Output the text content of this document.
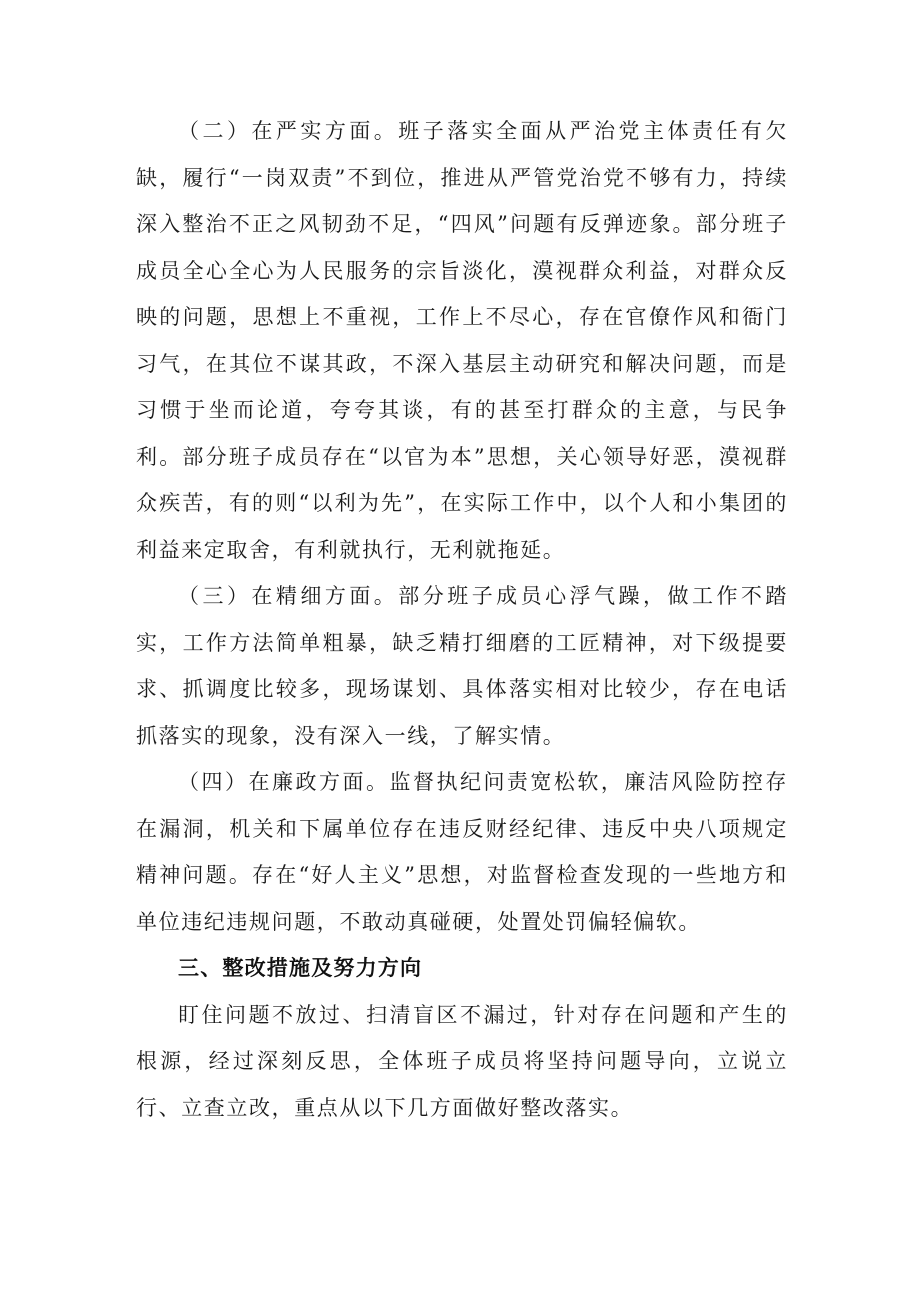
（二）在严实方面。班子落实全面从严治党主体责任有欠缺，履行“一岗双责”不到位，推进从严管党治党不够有力，持续深入整治不正之风韧劲不足，“四风”问题有反弹迹象。部分班子成员全心全心为人民服务的宗旨淡化，漠视群众利益，对群众反映的问题，思想上不重视，工作上不尽心，存在官僚作风和衙门习气，在其位不谋其政，不深入基层主动研究和解决问题，而是习惯于坐而论道，夸夸其谈，有的甚至打群众的主意，与民争利。部分班子成员存在“以官为本”思想，关心领导好恶，漠视群众疾苦，有的则“以利为先”，在实际工作中，以个人和小集团的利益来定取舍，有利就执行，无利就拖延。

（三）在精细方面。部分班子成员心浮气躁，做工作不踏实，工作方法简单粗暴，缺乏精打细磨的工匠精神，对下级提要求、抓调度比较多，现场谋划、具体落实相对比较少，存在电话抓落实的现象，没有深入一线，了解实情。

（四）在廉政方面。监督执纪问责宽松软，廉洁风险防控存在漏洞，机关和下属单位存在违反财经纪律、违反中央八项规定精神问题。存在“好人主义”思想，对监督检查发现的一些地方和单位违纪违规问题，不敢动真碰硬，处置处罚偏轻偏软。

三、整改措施及努力方向

盯住问题不放过、扫清盲区不漏过，针对存在问题和产生的根源，经过深刻反思，全体班子成员将坚持问题导向，立说立行、立查立改，重点从以下几方面做好整改落实。
